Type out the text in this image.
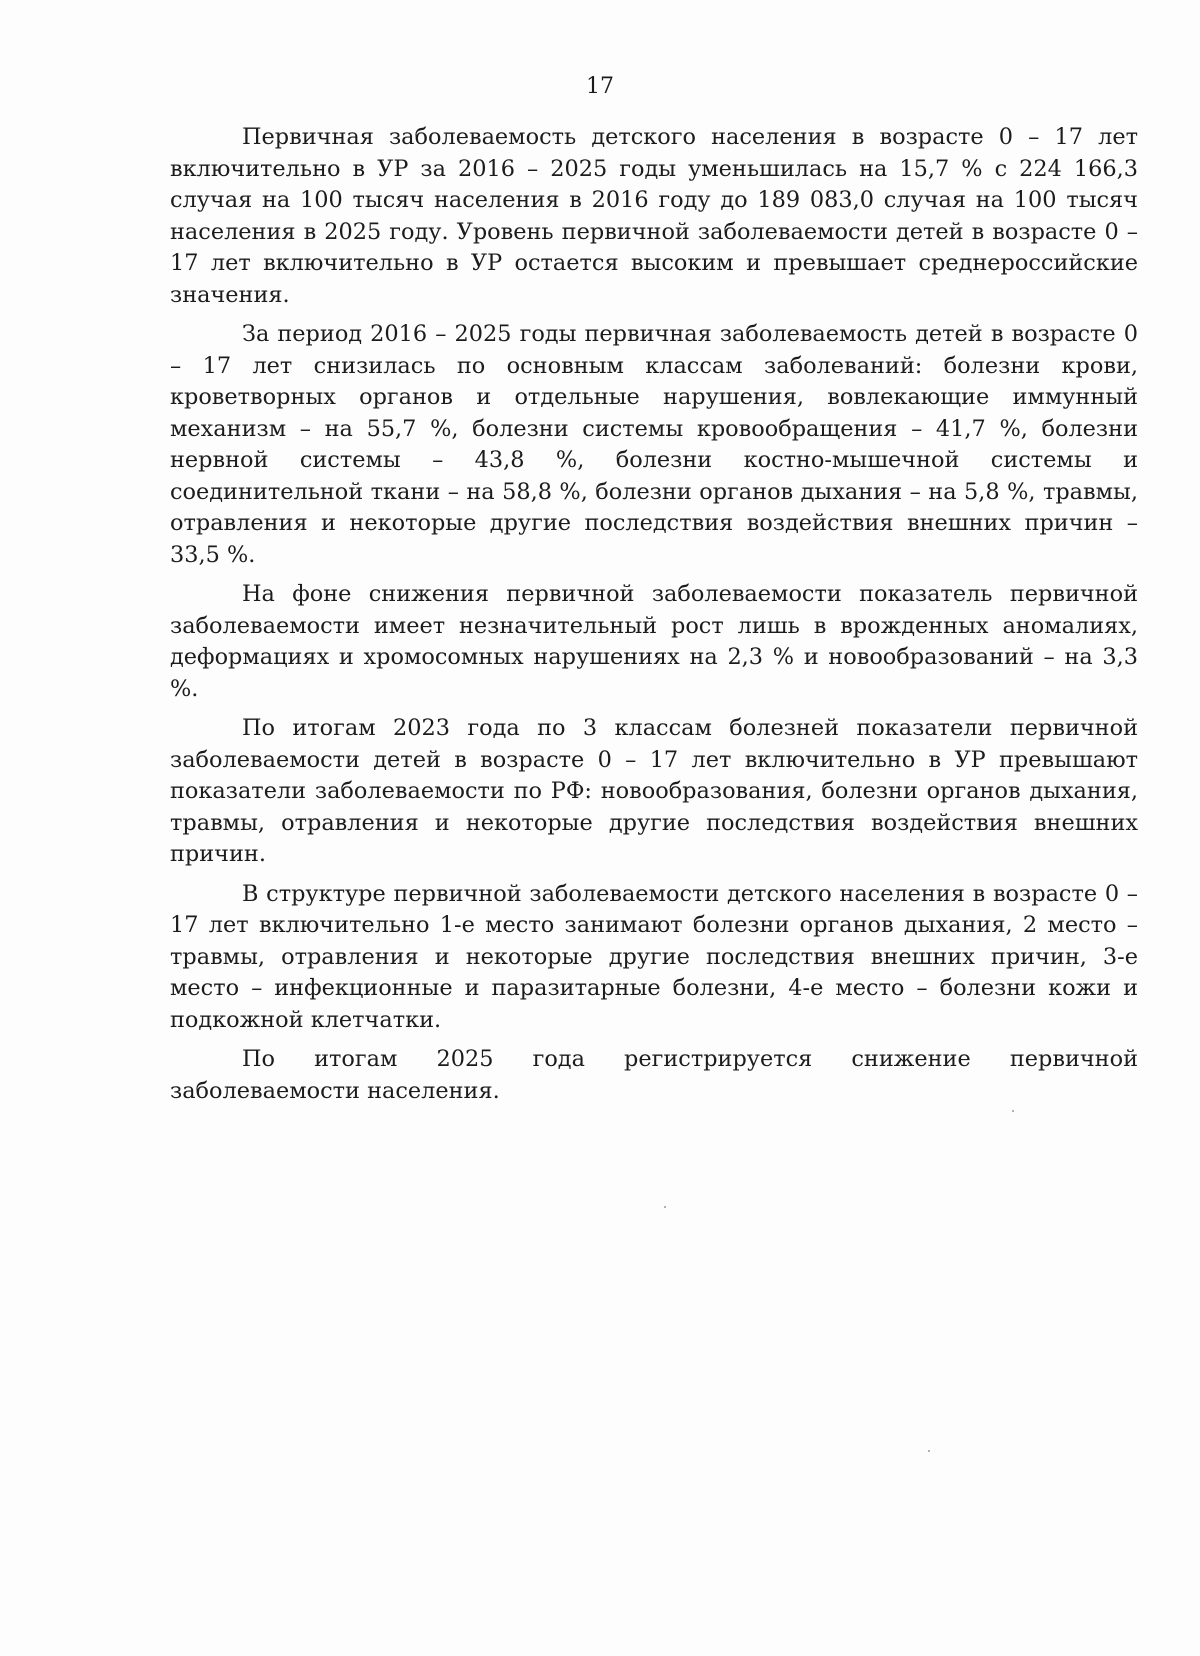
17

Первичная заболеваемость детского населения в возрасте 0 – 17 лет включительно в УР за 2016 – 2025 годы уменьшилась на 15,7 % с 224 166,3 случая на 100 тысяч населения в 2016 году до 189 083,0 случая на 100 тысяч населения в 2025 году. Уровень первичной заболеваемости детей в возрасте 0 – 17 лет включительно в УР остается высоким и превышает среднероссийские значения.

За период 2016 – 2025 годы первичная заболеваемость детей в возрасте 0 – 17 лет снизилась по основным классам заболеваний: болезни крови, кроветворных органов и отдельные нарушения, вовлекающие иммунный механизм – на 55,7 %, болезни системы кровообращения – 41,7 %, болезни нервной системы – 43,8 %, болезни костно-мышечной системы и соединительной ткани – на 58,8 %, болезни органов дыхания – на 5,8 %, травмы, отравления и некоторые другие последствия воздействия внешних причин – 33,5 %.

На фоне снижения первичной заболеваемости показатель первичной заболеваемости имеет незначительный рост лишь в врожденных аномалиях, деформациях и хромосомных нарушениях на 2,3 % и новообразований – на 3,3 %.

По итогам 2023 года по 3 классам болезней показатели первичной заболеваемости детей в возрасте 0 – 17 лет включительно в УР превышают показатели заболеваемости по РФ: новообразования, болезни органов дыхания, травмы, отравления и некоторые другие последствия воздействия внешних причин.

В структуре первичной заболеваемости детского населения в возрасте 0 – 17 лет включительно 1-е место занимают болезни органов дыхания, 2 место – травмы, отравления и некоторые другие последствия внешних причин, 3-е место – инфекционные и паразитарные болезни, 4-е место – болезни кожи и подкожной клетчатки.

По итогам 2025 года регистрируется снижение первичной заболеваемости населения.
